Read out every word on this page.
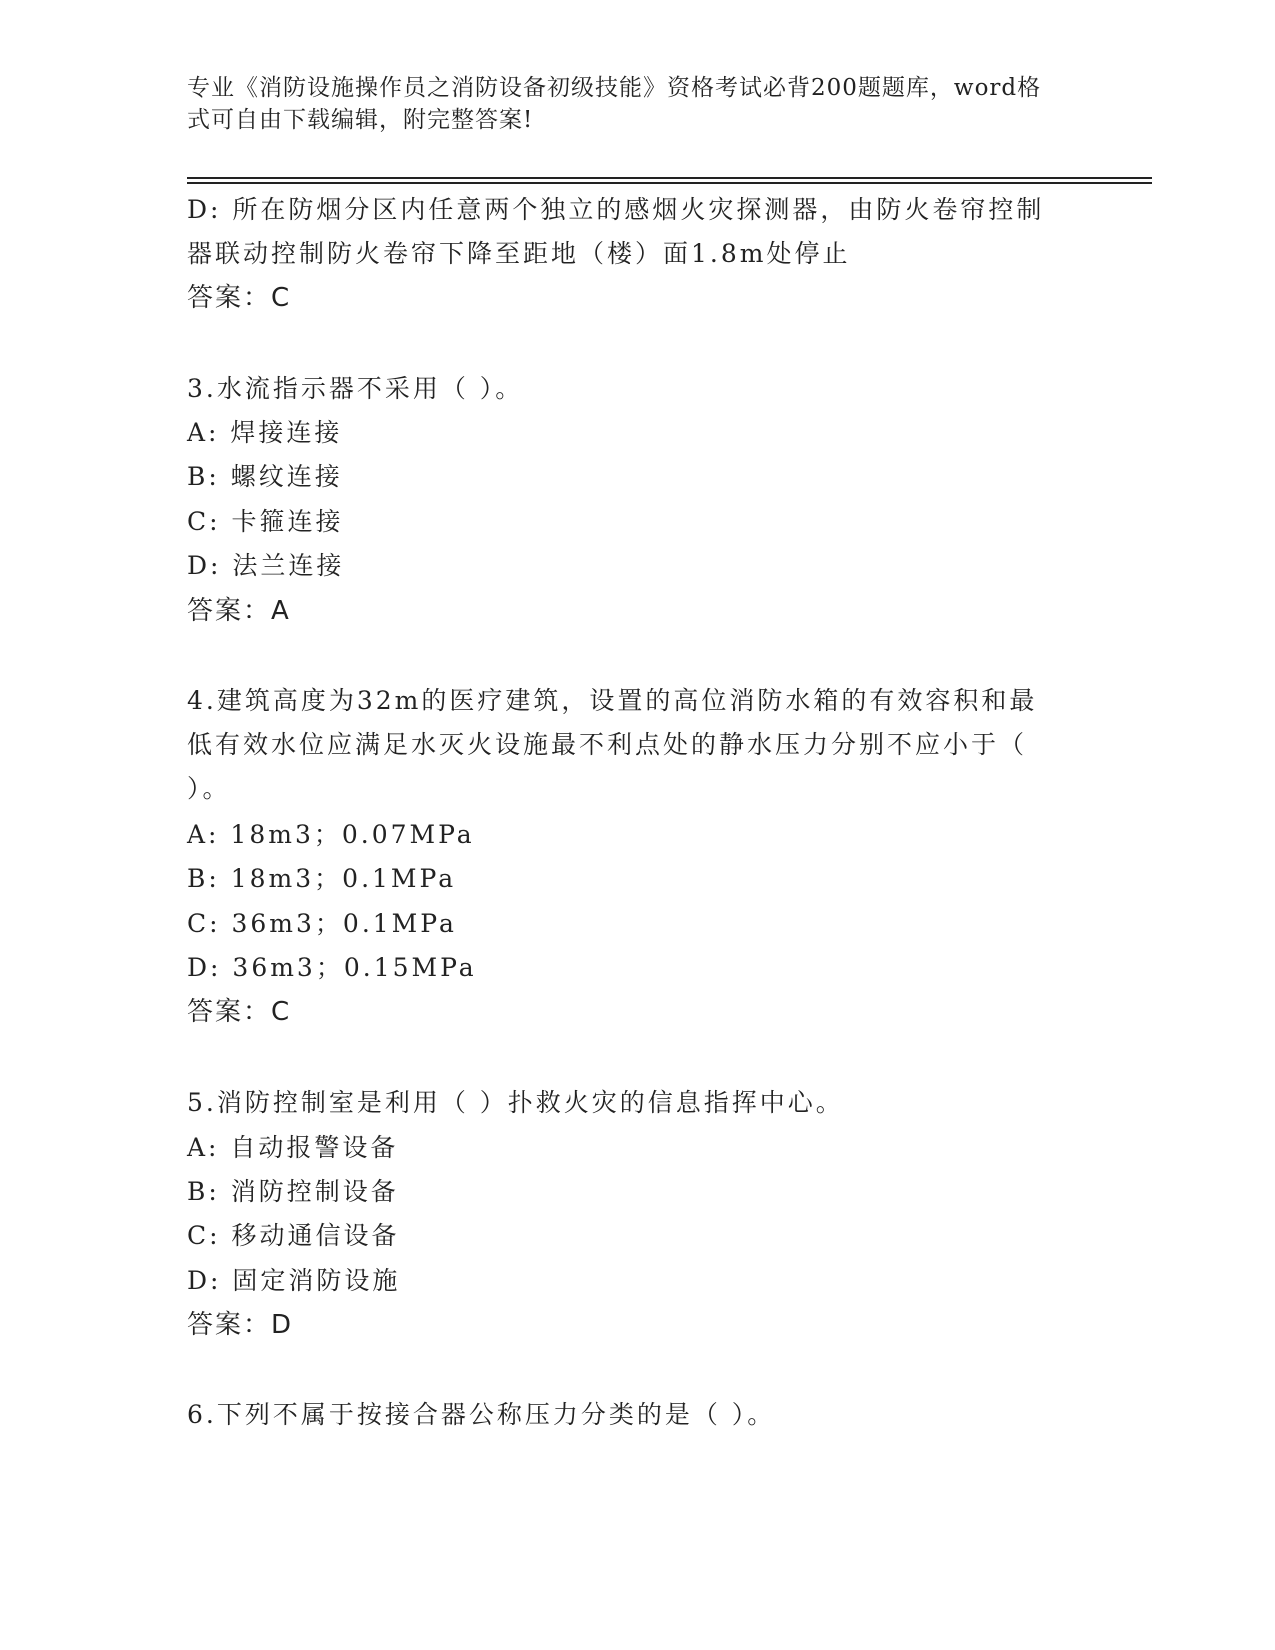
专业《消防设施操作员之消防设备初级技能》资格考试必背200题题库，word格
式可自由下载编辑，附完整答案!
D: 所在防烟分区内任意两个独立的感烟火灾探测器，由防火卷帘控制
器联动控制防火卷帘下降至距地（楼）面1.8m处停止
答案：C
3.水流指示器不采用（ ）。
A: 焊接连接
B: 螺纹连接
C: 卡箍连接
D: 法兰连接
答案：A
4.建筑高度为32m的医疗建筑，设置的高位消防水箱的有效容积和最
低有效水位应满足水灭火设施最不利点处的静水压力分别不应小于（
）。
A: 18m3；0.07MPa
B: 18m3；0.1MPa
C: 36m3；0.1MPa
D: 36m3；0.15MPa
答案：C
5.消防控制室是利用（ ）扑救火灾的信息指挥中心。
A: 自动报警设备
B: 消防控制设备
C: 移动通信设备
D: 固定消防设施
答案：D
6.下列不属于按接合器公称压力分类的是（ ）。
